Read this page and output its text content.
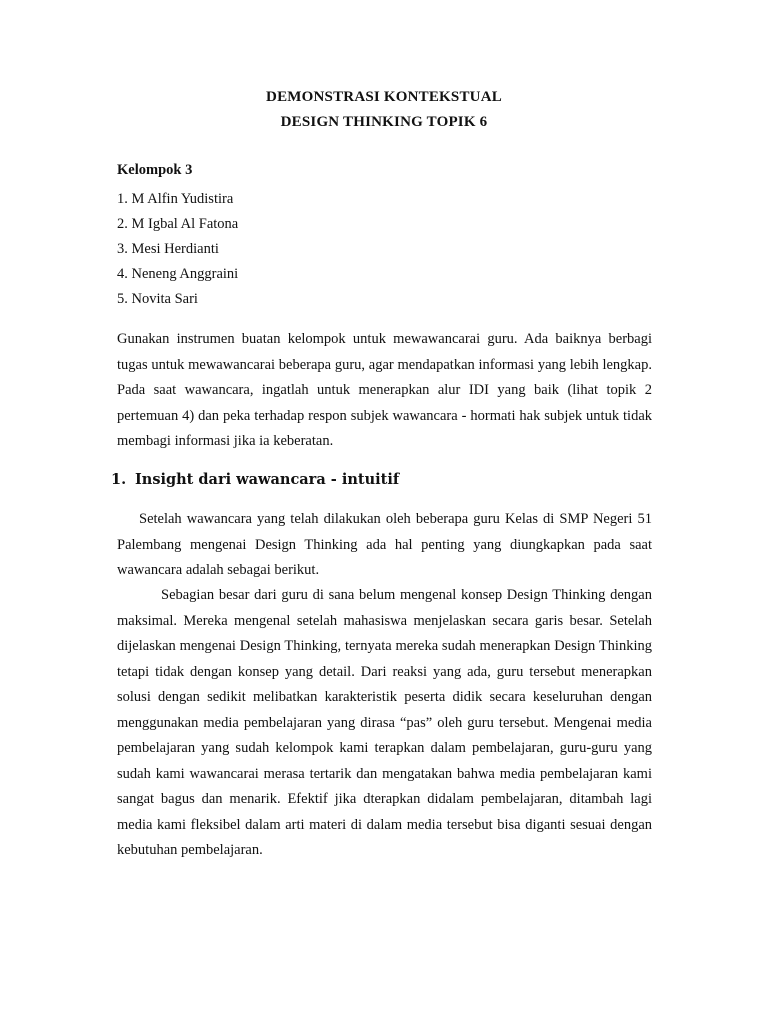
DEMONSTRASI KONTEKSTUAL
DESIGN THINKING TOPIK 6
Kelompok 3
1. M Alfin Yudistira
2. M Igbal Al Fatona
3. Mesi Herdianti
4. Neneng Anggraini
5. Novita Sari

Gunakan instrumen buatan kelompok untuk mewawancarai guru. Ada baiknya berbagi tugas untuk mewawancarai beberapa guru, agar mendapatkan informasi yang lebih lengkap. Pada saat wawancara, ingatlah untuk menerapkan alur IDI yang baik (lihat topik 2 pertemuan 4) dan peka terhadap respon subjek wawancara - hormati hak subjek untuk tidak membagi informasi jika ia keberatan.

1. Insight dari wawancara - intuitif

Setelah wawancara yang telah dilakukan oleh beberapa guru Kelas di SMP Negeri 51 Palembang mengenai Design Thinking ada hal penting yang diungkapkan pada saat wawancara adalah sebagai berikut.

Sebagian besar dari guru di sana belum mengenal konsep Design Thinking dengan maksimal. Mereka mengenal setelah mahasiswa menjelaskan secara garis besar. Setelah dijelaskan mengenai Design Thinking, ternyata mereka sudah menerapkan Design Thinking tetapi tidak dengan konsep yang detail. Dari reaksi yang ada, guru tersebut menerapkan solusi dengan sedikit melibatkan karakteristik peserta didik secara keseluruhan dengan menggunakan media pembelajaran yang dirasa “pas” oleh guru tersebut. Mengenai media pembelajaran yang sudah kelompok kami terapkan dalam pembelajaran, guru-guru yang sudah kami wawancarai merasa tertarik dan mengatakan bahwa media pembelajaran kami sangat bagus dan menarik. Efektif jika dterapkan didalam pembelajaran, ditambah lagi media kami fleksibel dalam arti materi di dalam media tersebut bisa diganti sesuai dengan kebutuhan pembelajaran.
